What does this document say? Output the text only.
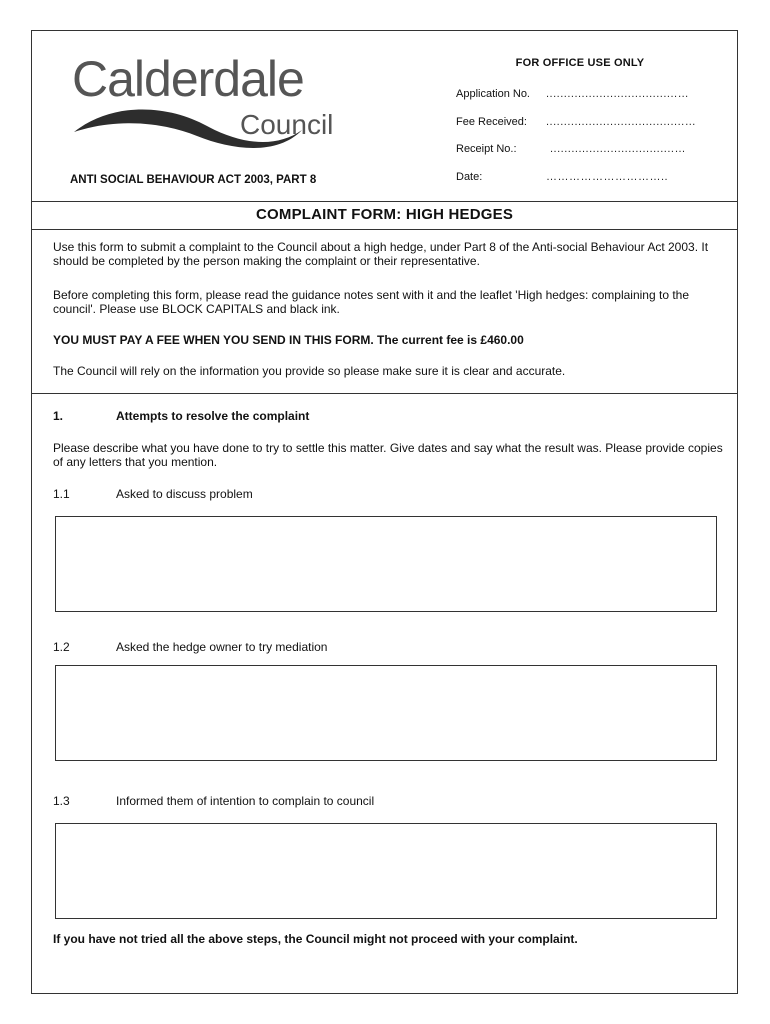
Calderdale
Council
FOR OFFICE USE ONLY
Application No. .....................................…
Fee Received: .......................................…
Receipt No.:	...................................…
Date:	…………………………..
ANTI SOCIAL BEHAVIOUR ACT 2003, PART 8
COMPLAINT FORM: HIGH HEDGES
Use this form to submit a complaint to the Council about a high hedge, under Part 8 of the Anti-social Behaviour Act 2003. It should be completed by the person making the complaint or their representative.
Before completing this form, please read the guidance notes sent with it and the leaflet 'High hedges: complaining to the council'. Please use BLOCK CAPITALS and black ink.
YOU MUST PAY A FEE WHEN YOU SEND IN THIS FORM. The current fee is £460.00
The Council will rely on the information you provide so please make sure it is clear and accurate.
1.	Attempts to resolve the complaint
Please describe what you have done to try to settle this matter. Give dates and say what the result was. Please provide copies of any letters that you mention.
1.1	Asked to discuss problem
1.2	Asked the hedge owner to try mediation
1.3	Informed them of intention to complain to council
If you have not tried all the above steps, the Council might not proceed with your complaint.
